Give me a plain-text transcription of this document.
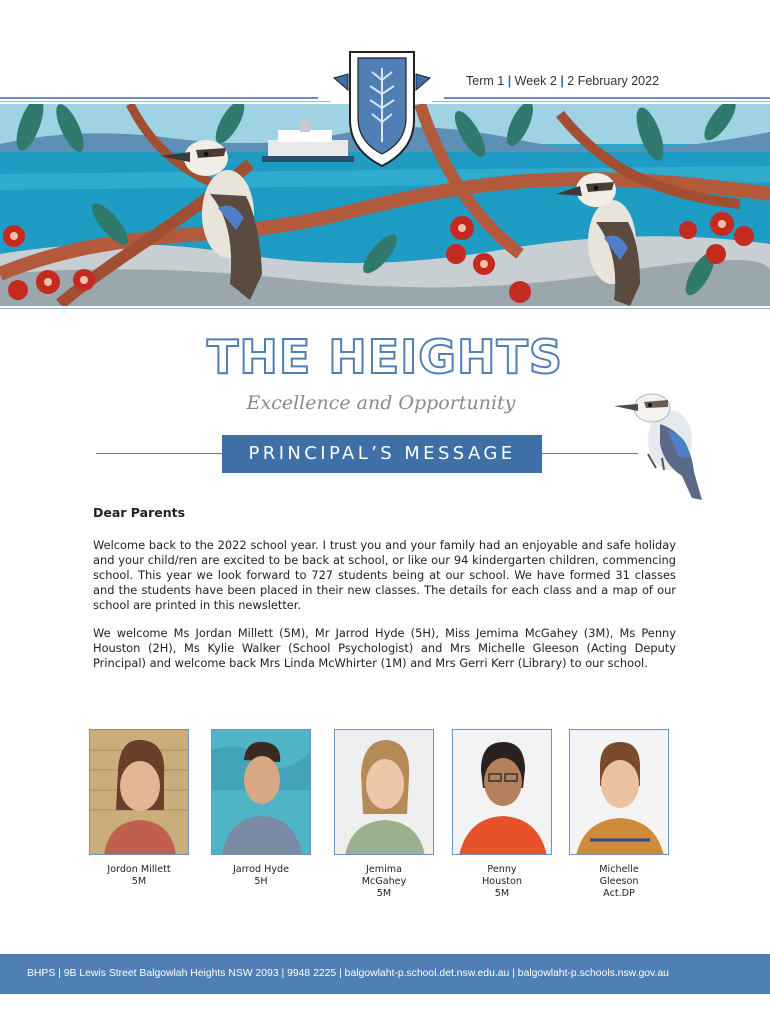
Term 1 | Week 2 | 2 February 2022
THE HEIGHTS
Excellence and Opportunity
PRINCIPAL’S MESSAGE
Dear Parents
Welcome back to the 2022 school year. I trust you and your family had an enjoyable and safe holiday and your child/ren are excited to be back at school, or like our 94 kindergarten children, commencing school. This year we look forward to 727 students being at our school. We have formed 31 classes and the students have been placed in their new classes. The details for each class and a map of our school are printed in this newsletter.
We welcome Ms Jordan Millett (5M), Mr Jarrod Hyde (5H), Miss Jemima McGahey (3M), Ms Penny Houston (2H), Ms Kylie Walker (School Psychologist) and Mrs Michelle Gleeson (Acting Deputy Principal) and welcome back Mrs Linda McWhirter (1M) and Mrs Gerri Kerr (Library) to our school.
Jordon Millett
5M
Jarrod Hyde
5H
Jemima
McGahey
5M
Penny
Houston
5M
Michelle
Gleeson
Act.DP
BHPS | 9B Lewis Street Balgowlah Heights NSW 2093 | 9948 2225 | balgowlaht-p.school.det.nsw.edu.au | balgowlaht-p.schools.nsw.gov.au
